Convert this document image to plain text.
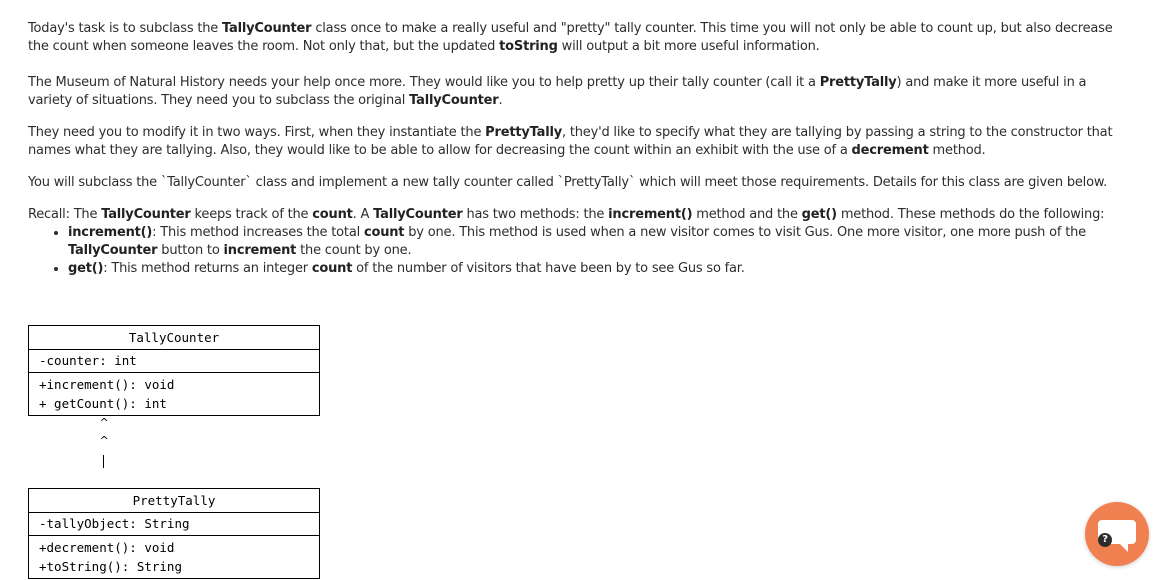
Today's task is to subclass the TallyCounter class once to make a really useful and "pretty" tally counter. This time you will not only be able to count up, but also decrease the count when someone leaves the room. Not only that, but the updated toString will output a bit more useful information.

The Museum of Natural History needs your help once more. They would like you to help pretty up their tally counter (call it a PrettyTally) and make it more useful in a variety of situations. They need you to subclass the original TallyCounter.

They need you to modify it in two ways. First, when they instantiate the PrettyTally, they'd like to specify what they are tallying by passing a string to the constructor that names what they are tallying. Also, they would like to be able to allow for decreasing the count within an exhibit with the use of a decrement method.

You will subclass the `TallyCounter` class and implement a new tally counter called `PrettyTally` which will meet those requirements. Details for this class are given below.

Recall: The TallyCounter keeps track of the count. A TallyCounter has two methods: the increment() method and the get() method. These methods do the following:

• increment(): This method increases the total count by one. This method is used when a new visitor comes to visit Gus. One more visitor, one more push of the TallyCounter button to increment the count by one.
• get(): This method returns an integer count of the number of visitors that have been by to see Gus so far.
TallyCounter
-counter: int
+increment(): void
+ getCount(): int
^
^
PrettyTally
-tallyObject: String
+decrement(): void
+toString(): String
?
